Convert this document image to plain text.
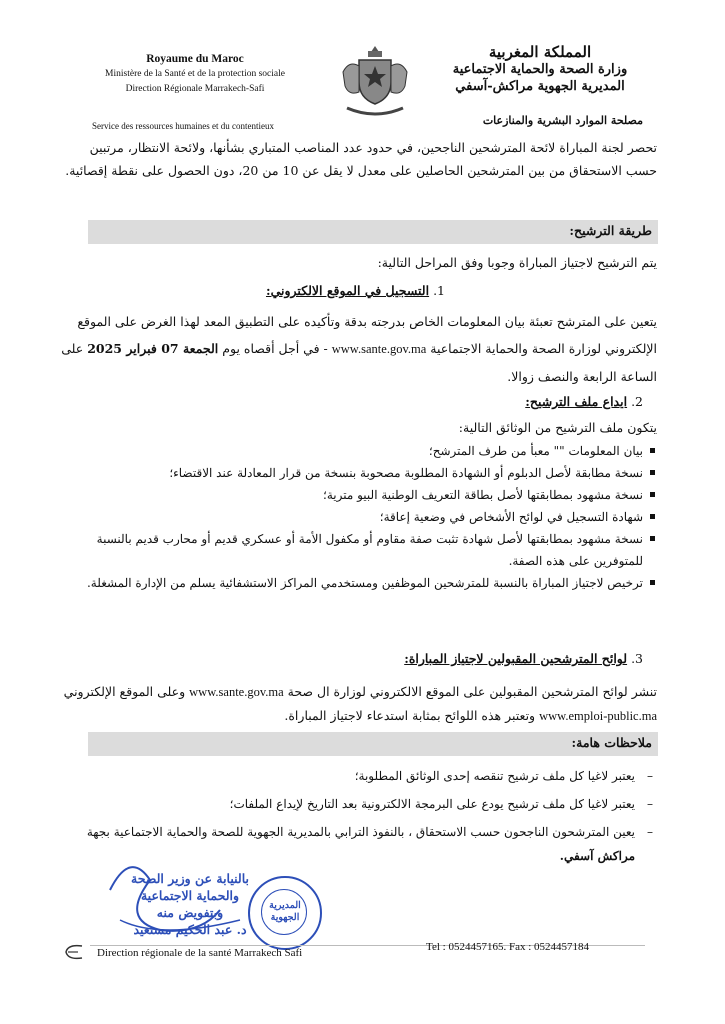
Royaume du Maroc
Ministère de la Santé et de la protection sociale
Direction Régionale Marrakech-Safi
المملكة المغربية
وزارة الصحة والحماية الاجتماعية
المديرية الجهوية مراكش-آسفي
Service des ressources humaines et du contentieux	مصلحة الموارد البشرية والمنازعات
تحصر لجنة المباراة لائحة المترشحين الناجحين، في حدود عدد المناصب المتباري بشأنها، ولائحة الانتظار، مرتبين حسب الاستحقاق من بين المترشحين الحاصلين على معدل لا يقل عن 10 من 20، دون الحصول على نقطة إقصائية.
طريقة الترشيح:
يتم الترشيح لاجتياز المباراة وجوبا وفق المراحل التالية:
1. التسجيل في الموقع الالكتروني:
يتعين على المترشح تعبئة بيان المعلومات الخاص بدرجته بدقة وتأكيده على التطبيق المعد لهذا الغرض على الموقع الإلكتروني لوزارة الصحة والحماية الاجتماعية www.sante.gov.ma - في أجل أقصاه يوم الجمعة 07 فبراير 2025 على الساعة الرابعة والنصف زوالا.
2. ايداع ملف الترشيح:
يتكون ملف الترشيح من الوثائق التالية:
بيان المعلومات "" معبأ من طرف المترشح؛
نسخة مطابقة لأصل الدبلوم أو الشهادة المطلوبة مصحوبة بنسخة من قرار المعادلة عند الاقتضاء؛
نسخة مشهود بمطابقتها لأصل بطاقة التعريف الوطنية البيو مترية؛
شهادة التسجيل في لوائح الأشخاص في وضعية إعاقة؛
نسخة مشهود بمطابقتها لأصل شهادة تثبت صفة مقاوم أو مكفول الأمة أو عسكري قديم أو محارب قديم بالنسبة للمتوفرين على هذه الصفة.
ترخيص لاجتياز المباراة بالنسبة للمترشحين الموظفين ومستخدمي المراكز الاستشفائية يسلم من الإدارة المشغلة.
3. لوائح المترشحين المقبولين لاجتياز المباراة:
تنشر لوائح المترشحين المقبولين على الموقع الالكتروني لوزارة ال صحة www.sante.gov.ma وعلى الموقع الإلكتروني www.emploi-public.ma وتعتبر هذه اللوائح بمثابة استدعاء لاجتياز المباراة.
ملاحظات هامة:
– يعتبر لاغيا كل ملف ترشيح تنقصه إحدى الوثائق المطلوبة؛
– يعتبر لاغيا كل ملف ترشيح يودع على البرمجة الالكترونية بعد التاريخ لإيداع الملفات؛
– يعين المترشحون الناجحون حسب الاستحقاق ، بالنفوذ الترابي بالمديرية الجهوية للصحة والحماية الاجتماعية بجهة مراكش آسفي.
بالنيابة عن وزير الصحة
والحماية الاجتماعية
وبتفويض منه
د. عبد الحكيم مستعيد
المديرية الجهوية
Direction régionale de la santé Marrakech Safi	Tel : 0524457165. Fax : 0524457184
